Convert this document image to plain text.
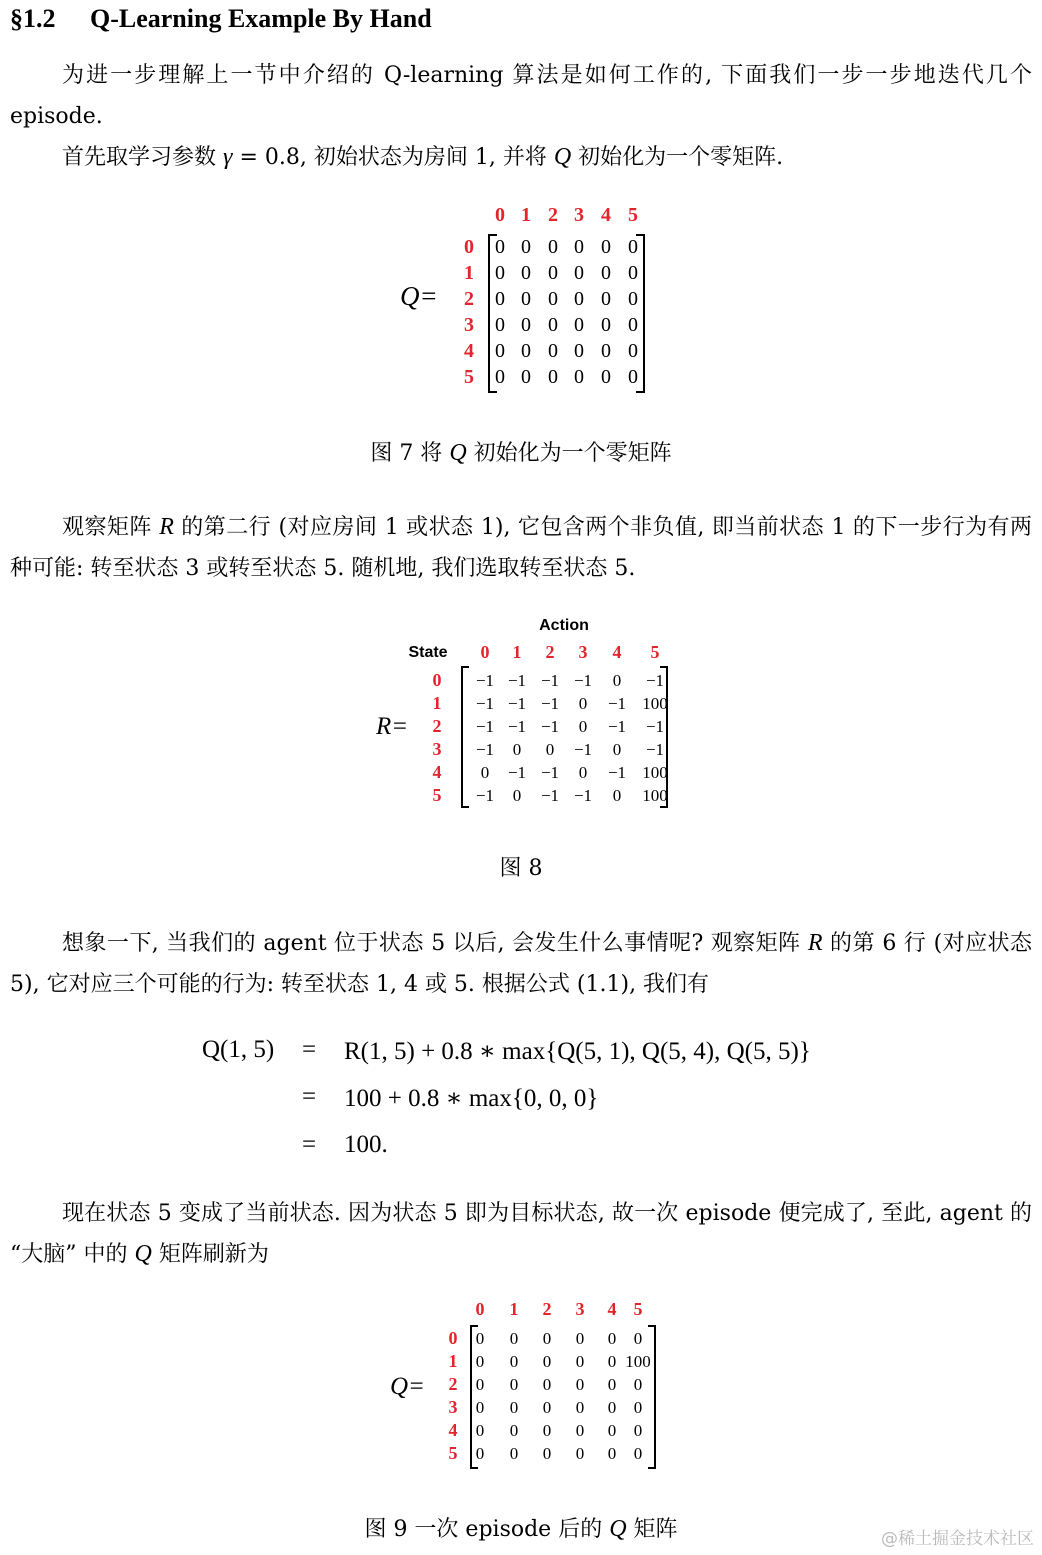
§1.2 Q-Learning Example By Hand

为进一步理解上一节中介绍的 Q-learning 算法是如何工作的, 下面我们一步一步地迭代几个 episode.

首先取学习参数 γ = 0.8, 初始状态为房间 1, 并将 Q 初始化为一个零矩阵.

Q=
0 1 2 3 4 5
0
1
2
3
4
5
0 0 0 0 0 0
0 0 0 0 0 0
0 0 0 0 0 0
0 0 0 0 0 0
0 0 0 0 0 0
0 0 0 0 0 0
图 7 将 Q 初始化为一个零矩阵

观察矩阵 R 的第二行 (对应房间 1 或状态 1), 它包含两个非负值, 即当前状态 1 的下一步行为有两种可能: 转至状态 3 或转至状态 5. 随机地, 我们选取转至状态 5.

Action
State
R=
0 1 2 3 4 5
0
1
2
3
4
5
−1 −1 −1 −1 0 −1
−1 −1 −1 0 −1 100
−1 −1 −1 0 −1 −1
−1 0 0 −1 0 −1
0 −1 −1 0 −1 100
−1 0 −1 −1 0 100
图 8

想象一下, 当我们的 agent 位于状态 5 以后, 会发生什么事情呢? 观察矩阵 R 的第 6 行 (对应状态 5), 它对应三个可能的行为: 转至状态 1, 4 或 5. 根据公式 (1.1), 我们有

Q(1, 5) = R(1, 5) + 0.8 ∗ max{Q(5, 1), Q(5, 4), Q(5, 5)}
= 100 + 0.8 ∗ max{0, 0, 0}
= 100.

现在状态 5 变成了当前状态. 因为状态 5 即为目标状态, 故一次 episode 便完成了, 至此, agent 的 “大脑” 中的 Q 矩阵刷新为

Q=
0 1 2 3 4 5
0
1
2
3
4
5
0 0 0 0 0 0
0 0 0 0 0 100
0 0 0 0 0 0
0 0 0 0 0 0
0 0 0 0 0 0
0 0 0 0 0 0
图 9 一次 episode 后的 Q 矩阵	@稀土掘金技术社区
